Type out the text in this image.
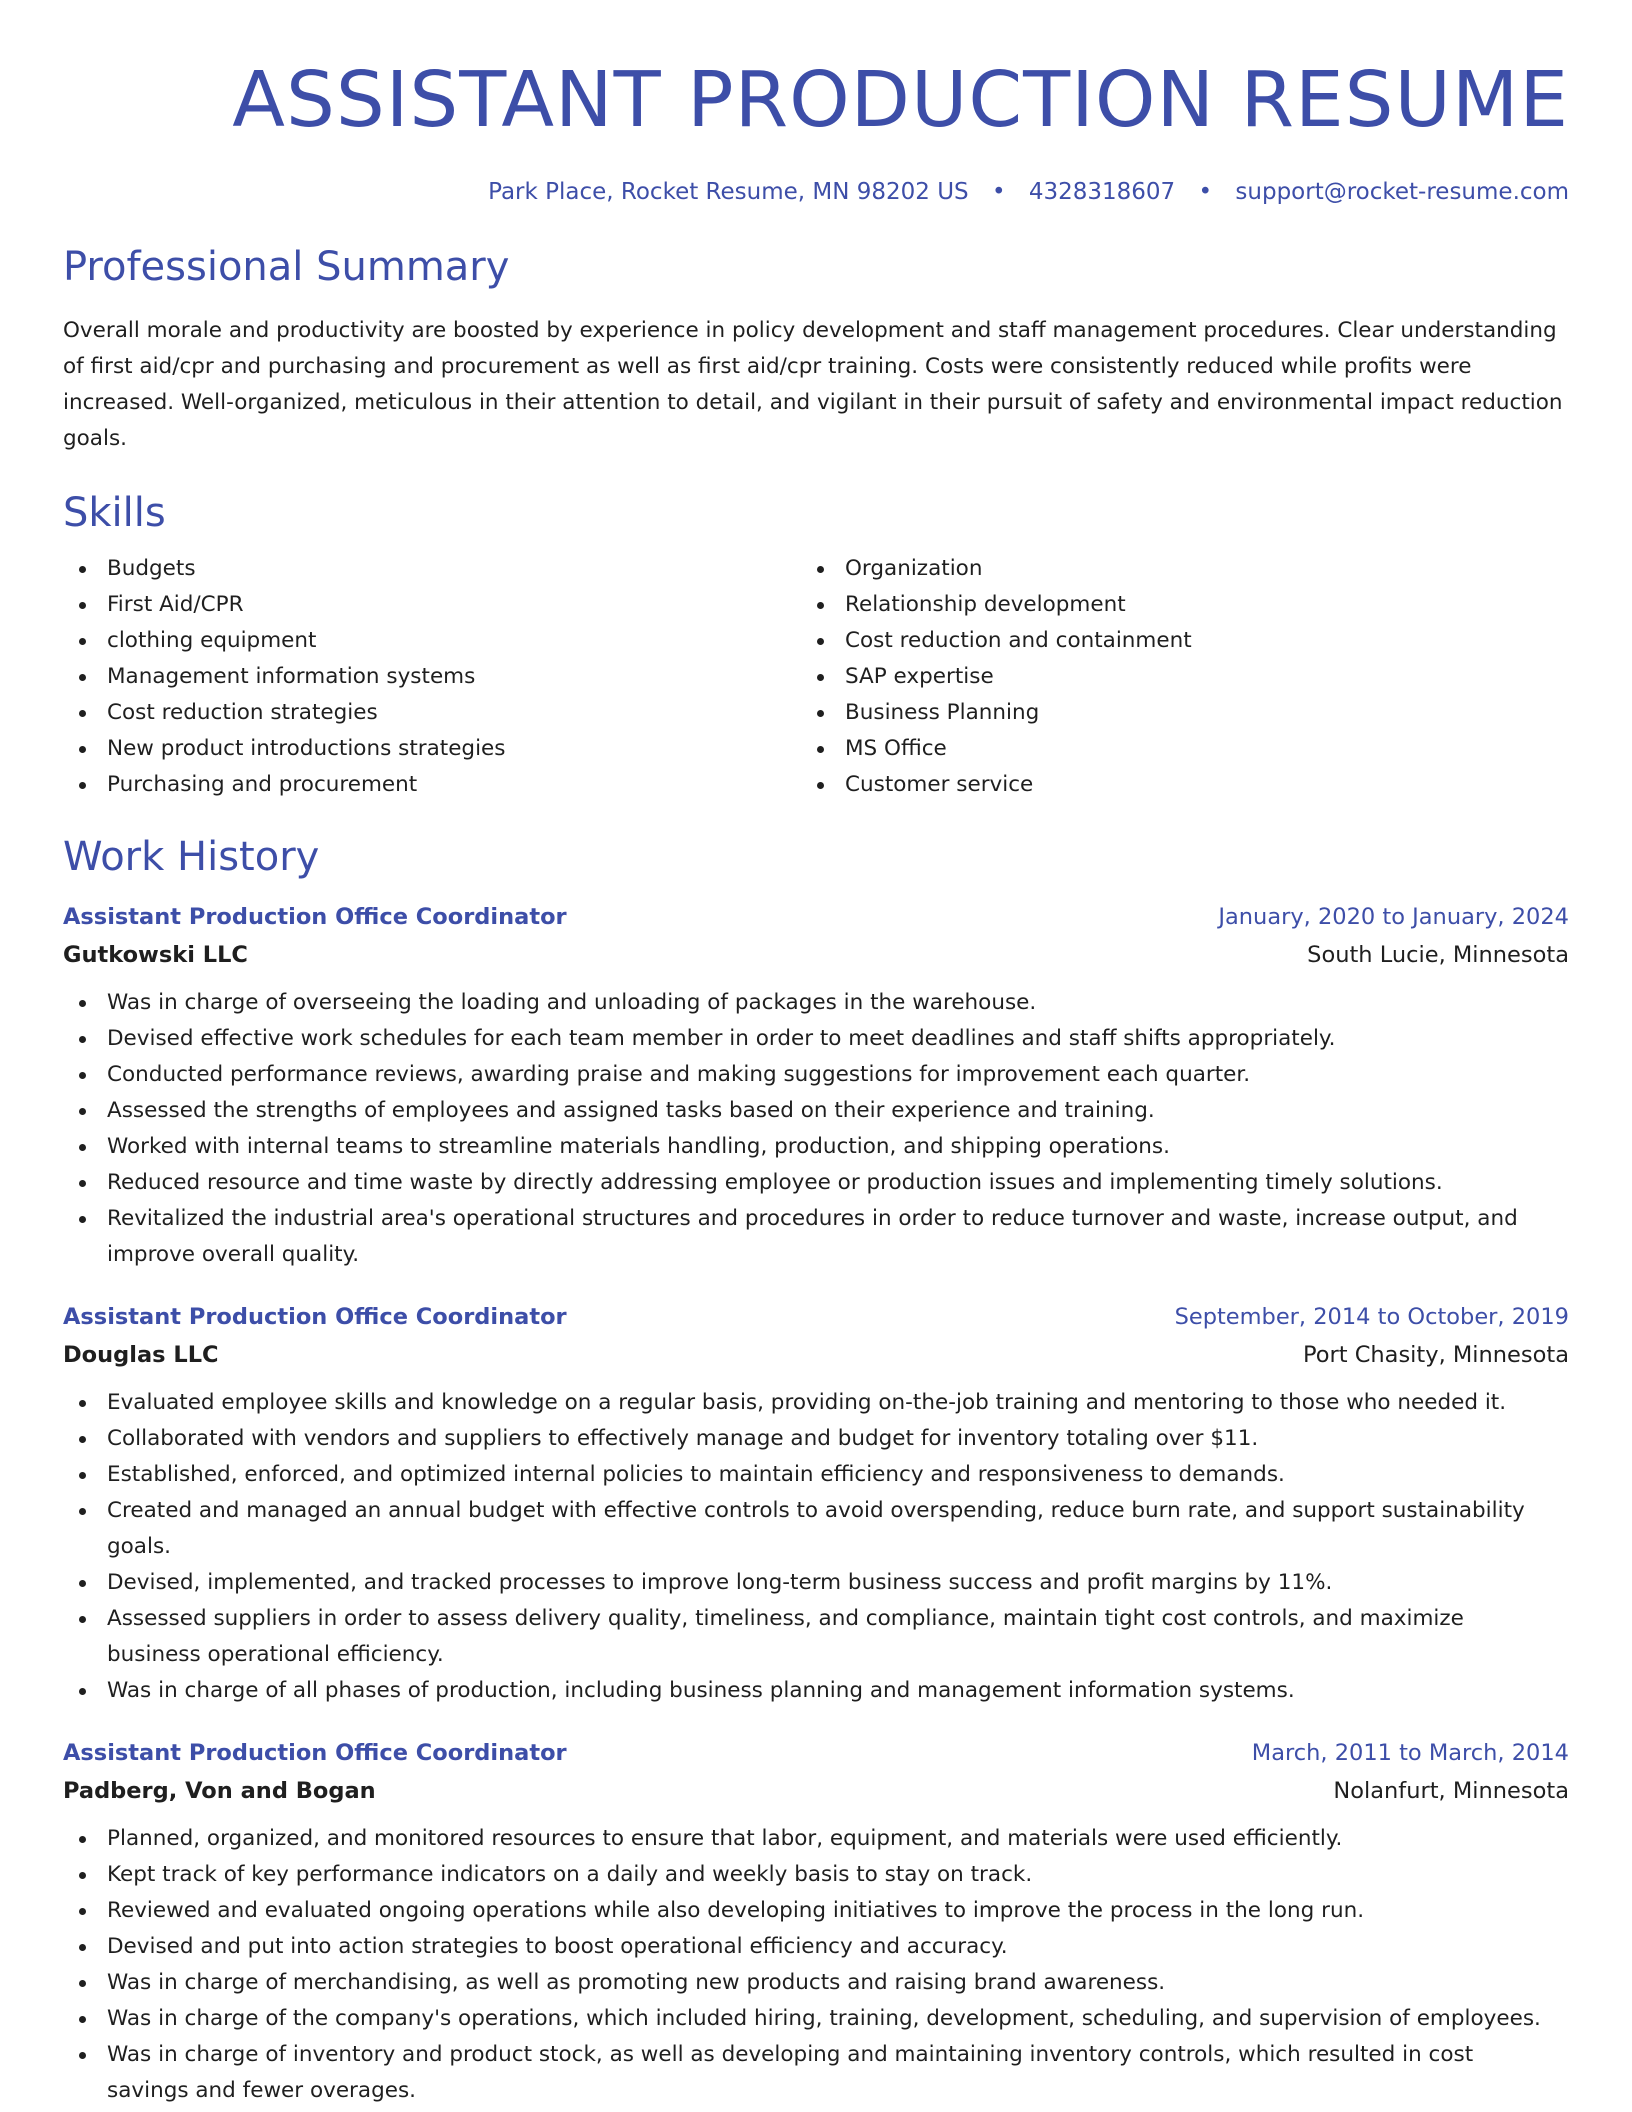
ASSISTANT PRODUCTION RESUME
Park Place, Rocket Resume, MN 98202 US • 4328318607 • support@rocket-resume.com
Professional Summary
Overall morale and productivity are boosted by experience in policy development and staff management procedures. Clear understanding of first aid/cpr and purchasing and procurement as well as first aid/cpr training. Costs were consistently reduced while profits were increased. Well-organized, meticulous in their attention to detail, and vigilant in their pursuit of safety and environmental impact reduction goals.
Skills
Budgets
First Aid/CPR
clothing equipment
Management information systems
Cost reduction strategies
New product introductions strategies
Purchasing and procurement
Organization
Relationship development
Cost reduction and containment
SAP expertise
Business Planning
MS Office
Customer service
Work History
Assistant Production Office Coordinator	January, 2020 to January, 2024
Gutkowski LLC	South Lucie, Minnesota
Was in charge of overseeing the loading and unloading of packages in the warehouse.
Devised effective work schedules for each team member in order to meet deadlines and staff shifts appropriately.
Conducted performance reviews, awarding praise and making suggestions for improvement each quarter.
Assessed the strengths of employees and assigned tasks based on their experience and training.
Worked with internal teams to streamline materials handling, production, and shipping operations.
Reduced resource and time waste by directly addressing employee or production issues and implementing timely solutions.
Revitalized the industrial area's operational structures and procedures in order to reduce turnover and waste, increase output, and improve overall quality.
Assistant Production Office Coordinator	September, 2014 to October, 2019
Douglas LLC	Port Chasity, Minnesota
Evaluated employee skills and knowledge on a regular basis, providing on-the-job training and mentoring to those who needed it.
Collaborated with vendors and suppliers to effectively manage and budget for inventory totaling over $11.
Established, enforced, and optimized internal policies to maintain efficiency and responsiveness to demands.
Created and managed an annual budget with effective controls to avoid overspending, reduce burn rate, and support sustainability goals.
Devised, implemented, and tracked processes to improve long-term business success and profit margins by 11%.
Assessed suppliers in order to assess delivery quality, timeliness, and compliance, maintain tight cost controls, and maximize business operational efficiency.
Was in charge of all phases of production, including business planning and management information systems.
Assistant Production Office Coordinator	March, 2011 to March, 2014
Padberg, Von and Bogan	Nolanfurt, Minnesota
Planned, organized, and monitored resources to ensure that labor, equipment, and materials were used efficiently.
Kept track of key performance indicators on a daily and weekly basis to stay on track.
Reviewed and evaluated ongoing operations while also developing initiatives to improve the process in the long run.
Devised and put into action strategies to boost operational efficiency and accuracy.
Was in charge of merchandising, as well as promoting new products and raising brand awareness.
Was in charge of the company's operations, which included hiring, training, development, scheduling, and supervision of employees.
Was in charge of inventory and product stock, as well as developing and maintaining inventory controls, which resulted in cost savings and fewer overages.
